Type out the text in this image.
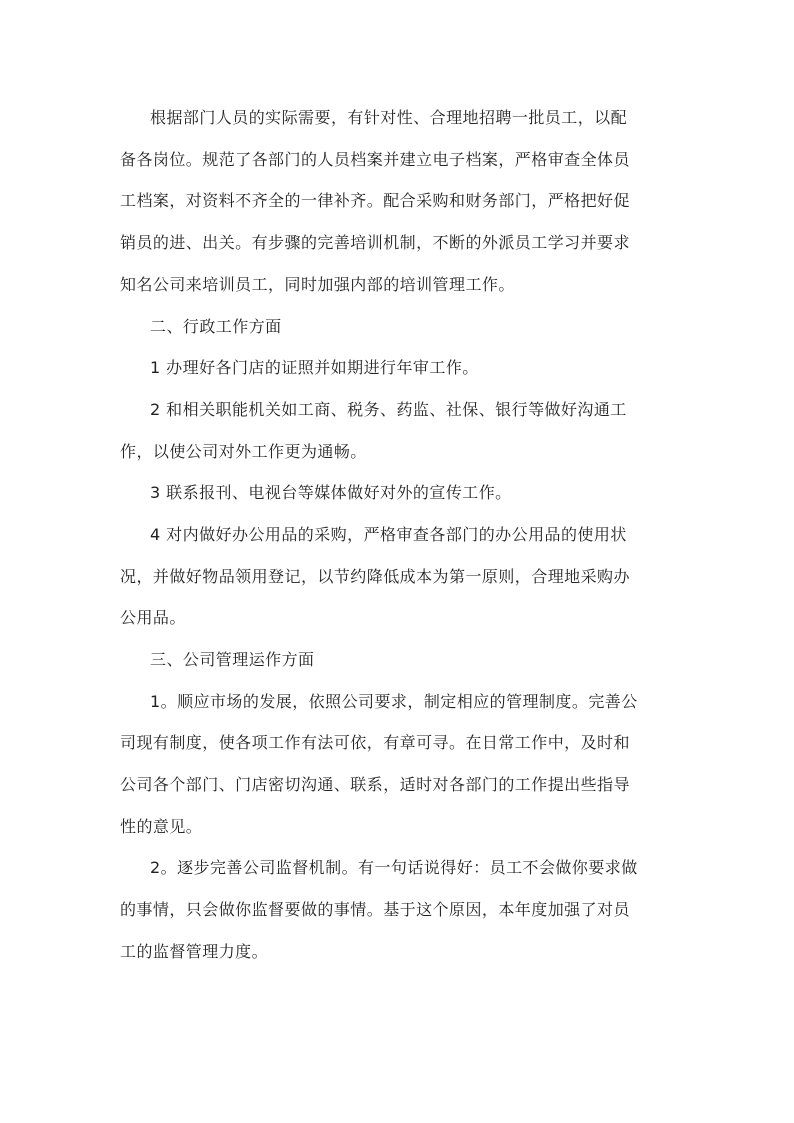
根据部门人员的实际需要，有针对性、合理地招聘一批员工，以配
备各岗位。规范了各部门的人员档案并建立电子档案，严格审查全体员
工档案，对资料不齐全的一律补齐。配合采购和财务部门，严格把好促
销员的进、出关。有步骤的完善培训机制，不断的外派员工学习并要求
知名公司来培训员工，同时加强内部的培训管理工作。
二、行政工作方面
1 办理好各门店的证照并如期进行年审工作。
2 和相关职能机关如工商、税务、药监、社保、银行等做好沟通工
作，以使公司对外工作更为通畅。
3 联系报刊、电视台等媒体做好对外的宣传工作。
4 对内做好办公用品的采购，严格审查各部门的办公用品的使用状
况，并做好物品领用登记，以节约降低成本为第一原则，合理地采购办
公用品。
三、公司管理运作方面
1。顺应市场的发展，依照公司要求，制定相应的管理制度。完善公
司现有制度，使各项工作有法可依，有章可寻。在日常工作中，及时和
公司各个部门、门店密切沟通、联系，适时对各部门的工作提出些指导
性的意见。
2。逐步完善公司监督机制。有一句话说得好：员工不会做你要求做
的事情，只会做你监督要做的事情。基于这个原因，本年度加强了对员
工的监督管理力度。
